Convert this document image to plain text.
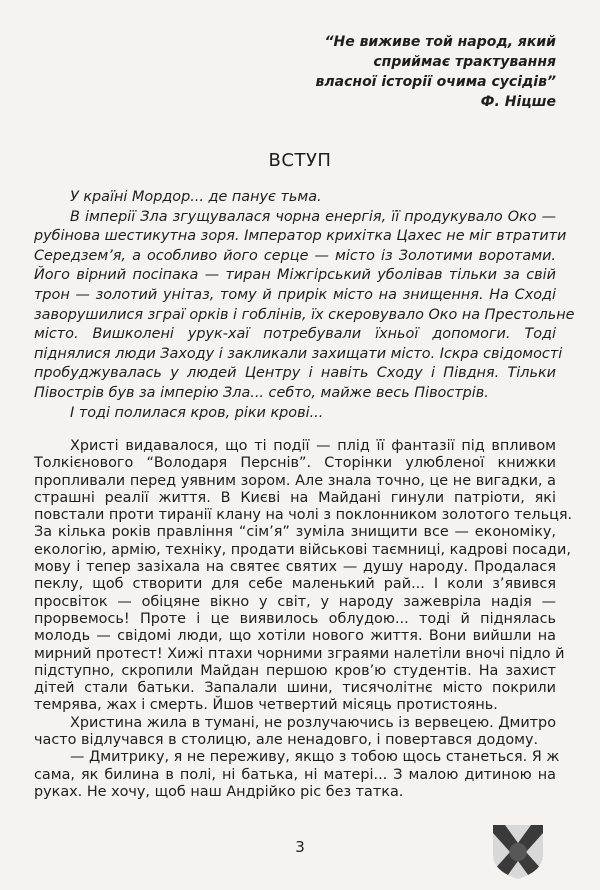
“Не виживе той народ, який
сприймає трактування
власної історії очима сусідів”
Ф. Ніцше
ВСТУП
У країні Мордор... де панує тьма.
В імперії Зла згущувалася чорна енергія, її продукувало Око —
рубінова шестикутна зоря. Імператор крихітка Цахес не міг втратити
Середзем’я, а особливо його серце — місто із Золотими воротами.
Його вірний посіпака — тиран Міжгірський уболівав тільки за свій
трон — золотий унітаз, тому й прирік місто на знищення. На Сході
заворушилися зграї орків і гоблінів, їх скеровувало Око на Престольне
місто. Вишколені урук-хаї потребували їхньої допомоги. Тоді
піднялися люди Заходу і закликали захищати місто. Іскра свідомості
пробуджувалась у людей Центру і навіть Сходу і Півдня. Тільки
Півострів був за імперію Зла... себто, майже весь Півострів.
І тоді полилася кров, ріки крові...
Христі видавалося, що ті події — плід її фантазії під впливом
Толкієнового “Володаря Перснів”. Сторінки улюбленої книжки
пропливали перед уявним зором. Але знала точно, це не вигадки, а
страшні реалії життя. В Києві на Майдані гинули патріоти, які
повстали проти тиранії клану на чолі з поклонником золотого тельця.
За кілька років правління “сім’я” зуміла знищити все — економіку,
екологію, армію, техніку, продати військові таємниці, кадрові посади,
мову і тепер зазіхала на святеє святих — душу народу. Продалася
пеклу, щоб створити для себе маленький рай... І коли з’явився
просвіток — обіцяне вікно у світ, у народу зажевріла надія —
прорвемось! Проте і це виявилось облудою... тоді й піднялась
молодь — свідомі люди, що хотіли нового життя. Вони вийшли на
мирний протест! Хижі птахи чорними зграями налетіли вночі підло й
підступно, скропили Майдан першою кров’ю студентів. На захист
дітей стали батьки. Запалали шини, тисячолітнє місто покрили
темрява, жах і смерть. Йшов четвертий місяць протистоянь.
Христина жила в тумані, не розлучаючись із вервецею. Дмитро
часто відлучався в столицю, але ненадовго, і повертався додому.
— Дмитрику, я не переживу, якщо з тобою щось станеться. Я ж
сама, як билина в полі, ні батька, ні матері... З малою дитиною на
руках. Не хочу, щоб наш Андрійко ріс без татка.
3
